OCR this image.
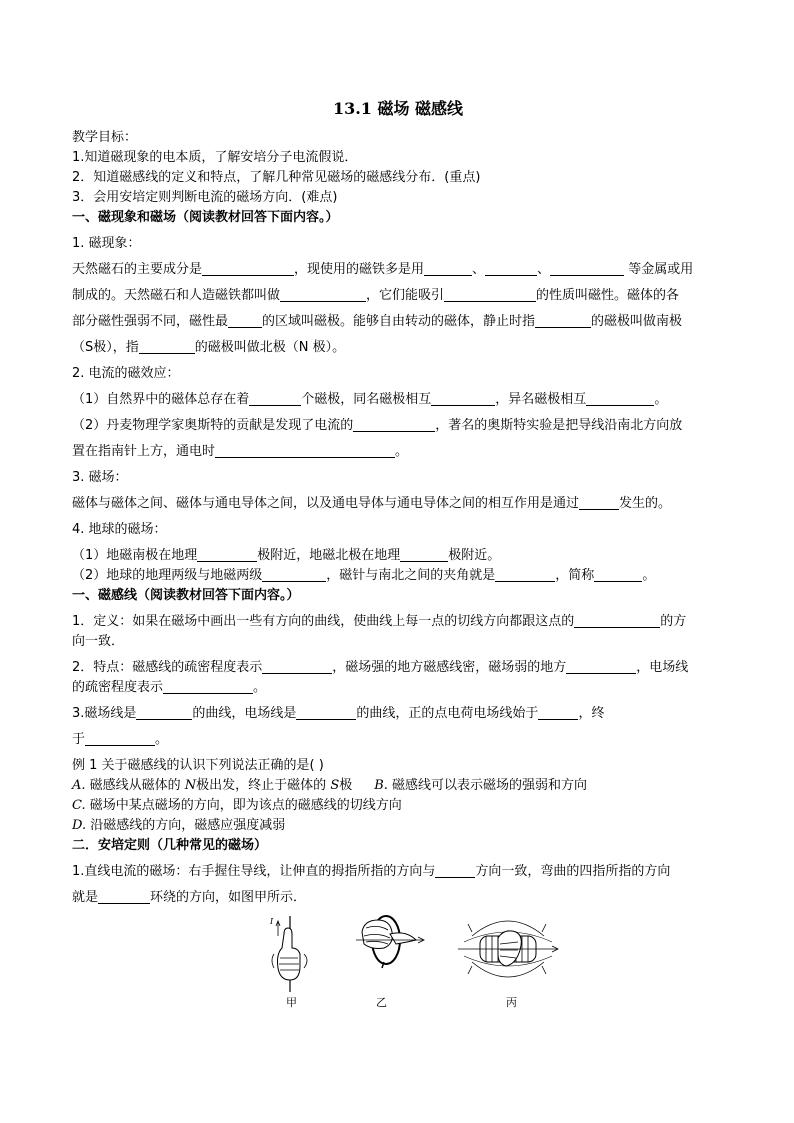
13.1 磁场 磁感线
教学目标：
1.知道磁现象的电本质，了解安培分子电流假说．
2．知道磁感线的定义和特点，了解几种常见磁场的磁感线分布．(重点)
3．会用安培定则判断电流的磁场方向．(难点)
一、磁现象和磁场（阅读教材回答下面内容。）
1. 磁现象：
天然磁石的主要成分是	，现使用的磁铁多是用	、	、	等金属或用
制成的。天然磁石和人造磁铁都叫做	，它们能吸引	的性质叫磁性。磁体的各
部分磁性强弱不同，磁性最	的区域叫磁极。能够自由转动的磁体，静止时指	的磁极叫做南极
（S极），指	的磁极叫做北极（N 极）。
2. 电流的磁效应：
（1）自然界中的磁体总存在着	个磁极，同名磁极相互	，异名磁极相互	。
（2）丹麦物理学家奥斯特的贡献是发现了电流的	，著名的奥斯特实验是把导线沿南北方向放
置在指南针上方，通电时	。
3. 磁场：
磁体与磁体之间、磁体与通电导体之间，以及通电导体与通电导体之间的相互作用是通过	发生的。
4. 地球的磁场：
（1）地磁南极在地理	极附近，地磁北极在地理	极附近。
（2）地球的地理两级与地磁两级	，磁针与南北之间的夹角就是	，简称	。
一、磁感线（阅读教材回答下面内容。）
1．定义：如果在磁场中画出一些有方向的曲线，使曲线上每一点的切线方向都跟这点的	的方
向一致．
2．特点：磁感线的疏密程度表示	，磁场强的地方磁感线密，磁场弱的地方	，电场线
的疏密程度表示	。
3.磁场线是	的曲线，电场线是	的曲线，正的点电荷电场线始于	，终
于	。
例 1 关于磁感线的认识下列说法正确的是( )
A. 磁感线从磁体的 N极出发，终止于磁体的 S极 B. 磁感线可以表示磁场的强弱和方向
C. 磁场中某点磁场的方向，即为该点的磁感线的切线方向
D. 沿磁感线的方向，磁感应强度减弱
二．安培定则（几种常见的磁场）
1.直线电流的磁场：右手握住导线，让伸直的拇指所指的方向与	方向一致，弯曲的四指所指的方向
就是	环绕的方向，如图甲所示．
I
甲	乙	丙
